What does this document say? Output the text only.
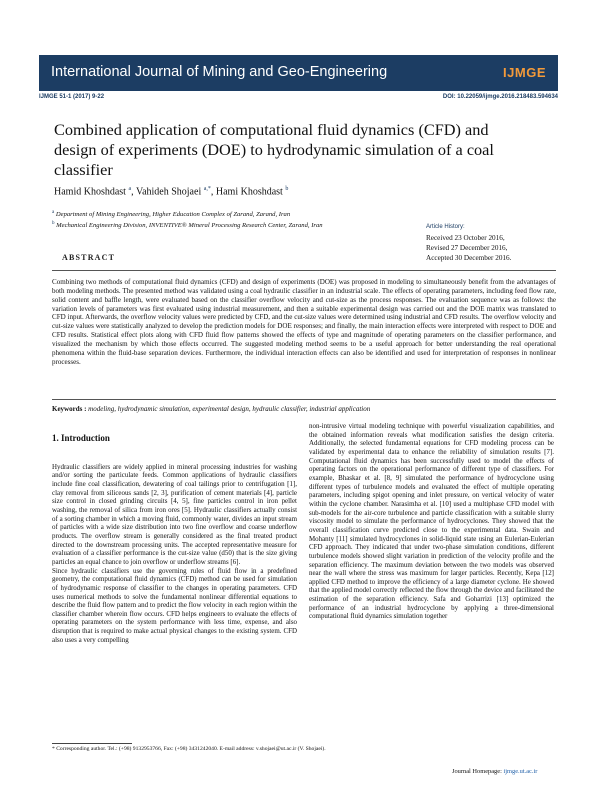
International Journal of Mining and Geo-Engineering	IJMGE
IJMGE 51-1 (2017) 9-22	DOI: 10.22059/ijmge.2016.218483.594634
Combined application of computational fluid dynamics (CFD) and design of experiments (DOE) to hydrodynamic simulation of a coal classifier
Hamid Khoshdast $^a$, Vahideh Shojaei $^{a,*}$, Hami Khoshdast $^b$
$^a$ Department of Mining Engineering, Higher Education Complex of Zarand, Zarand, Iran
$^b$ Mechanical Engineering Division, INVENTIVE® Mineral Processing Research Center, Zarand, Iran	Article History:
Received 23 October 2016,
Revised 27 December 2016,
Accepted 30 December 2016.
ABSTRACT
Combining two methods of computational fluid dynamics (CFD) and design of experiments (DOE) was proposed in modeling to simultaneously benefit from the advantages of both modeling methods. The presented method was validated using a coal hydraulic classifier in an industrial scale. The effects of operating parameters, including feed flow rate, solid content and baffle length, were evaluated based on the classifier overflow velocity and cut-size as the process responses. The evaluation sequence was as follows: the variation levels of parameters was first evaluated using industrial measurement, and then a suitable experimental design was carried out and the DOE matrix was translated to CFD input. Afterwards, the overflow velocity values were predicted by CFD, and the cut-size values were determined using industrial and CFD results. The overflow velocity and cut-size values were statistically analyzed to develop the prediction models for DOE responses; and finally, the main interaction effects were interpreted with respect to DOE and CFD results. Statistical effect plots along with CFD fluid flow patterns showed the effects of type and magnitude of operating parameters on the classifier performance, and visualized the mechanism by which those effects occurred. The suggested modeling method seems to be a useful approach for better understanding the real operational phenomena within the fluid-base separation devices. Furthermore, the individual interaction effects can also be identified and used for interpretation of responses in nonlinear processes.
Keywords : modeling, hydrodynamic simulation, experimental design, hydraulic classifier, industrial application
1. Introduction

Hydraulic classifiers are widely applied in mineral processing industries for washing and/or sorting the particulate feeds. Common applications of hydraulic classifiers include fine coal classification, dewatering of coal tailings prior to centrifugation [1], clay removal from siliceous sands [2, 3], purification of cement materials [4], particle size control in closed grinding circuits [4, 5], fine particles control in iron pellet washing, the removal of silica from iron ores [5]. Hydraulic classifiers actually consist of a sorting chamber in which a moving fluid, commonly water, divides an input stream of particles with a wide size distribution into two fine overflow and coarse underflow products. The overflow stream is generally considered as the final treated product directed to the downstream processing units. The accepted representative measure for evaluation of a classifier performance is the cut-size value (d50) that is the size giving particles an equal chance to join overflow or underflow streams [6].

Since hydraulic classifiers use the governing rules of fluid flow in a predefined geometry, the computational fluid dynamics (CFD) method can be used for simulation of hydrodynamic response of classifier to the changes in operating parameters. CFD uses numerical methods to solve the fundamental nonlinear differential equations to describe the fluid flow pattern and to predict the flow velocity in each region within the classifier chamber wherein flow occurs. CFD helps engineers to evaluate the effects of operating parameters on the system performance with less time, expense, and also disruption that is required to make actual physical changes to the existing system. CFD also uses a very compelling

non-intrusive virtual modeling technique with powerful visualization capabilities, and the obtained information reveals what modification satisfies the design criteria. Additionally, the selected fundamental equations for CFD modeling process can be validated by experimental data to enhance the reliability of simulation results [7]. Computational fluid dynamics has been successfully used to model the effects of operating factors on the operational performance of different type of classifiers. For example, Bhaskar et al. [8, 9] simulated the performance of hydrocyclone using different types of turbulence models and evaluated the effect of multiple operating parameters, including spigot opening and inlet pressure, on vertical velocity of water within the cyclone chamber. Narasimha et al. [10] used a multiphase CFD model with sub-models for the air-core turbulence and particle classification with a suitable slurry viscosity model to simulate the performance of hydrocyclones. They showed that the overall classification curve predicted close to the experimental data. Swain and Mohanty [11] simulated hydrocyclones in solid-liquid state using an Eulerian-Eulerian CFD approach. They indicated that under two-phase simulation conditions, different turbulence models showed slight variation in prediction of the velocity profile and the separation efficiency. The maximum deviation between the two models was observed near the wall where the stress was maximum for larger particles. Recently, Kepa [12] applied CFD method to improve the efficiency of a large diameter cyclone. He showed that the applied model correctly reflected the flow through the device and facilitated the estimation of the separation efficiency. Safa and Goharrizi [13] optimized the performance of an industrial hydrocyclone by applying a three-dimensional computational fluid dynamics simulation together

* Corresponding author. Tel.: (+98) 9132953766, Fax: (+98) 3431242040. E-mail address: v.shojaei@ut.ac.ir (V. Shojaei).
Journal Homepage: ijmge.ut.ac.ir
